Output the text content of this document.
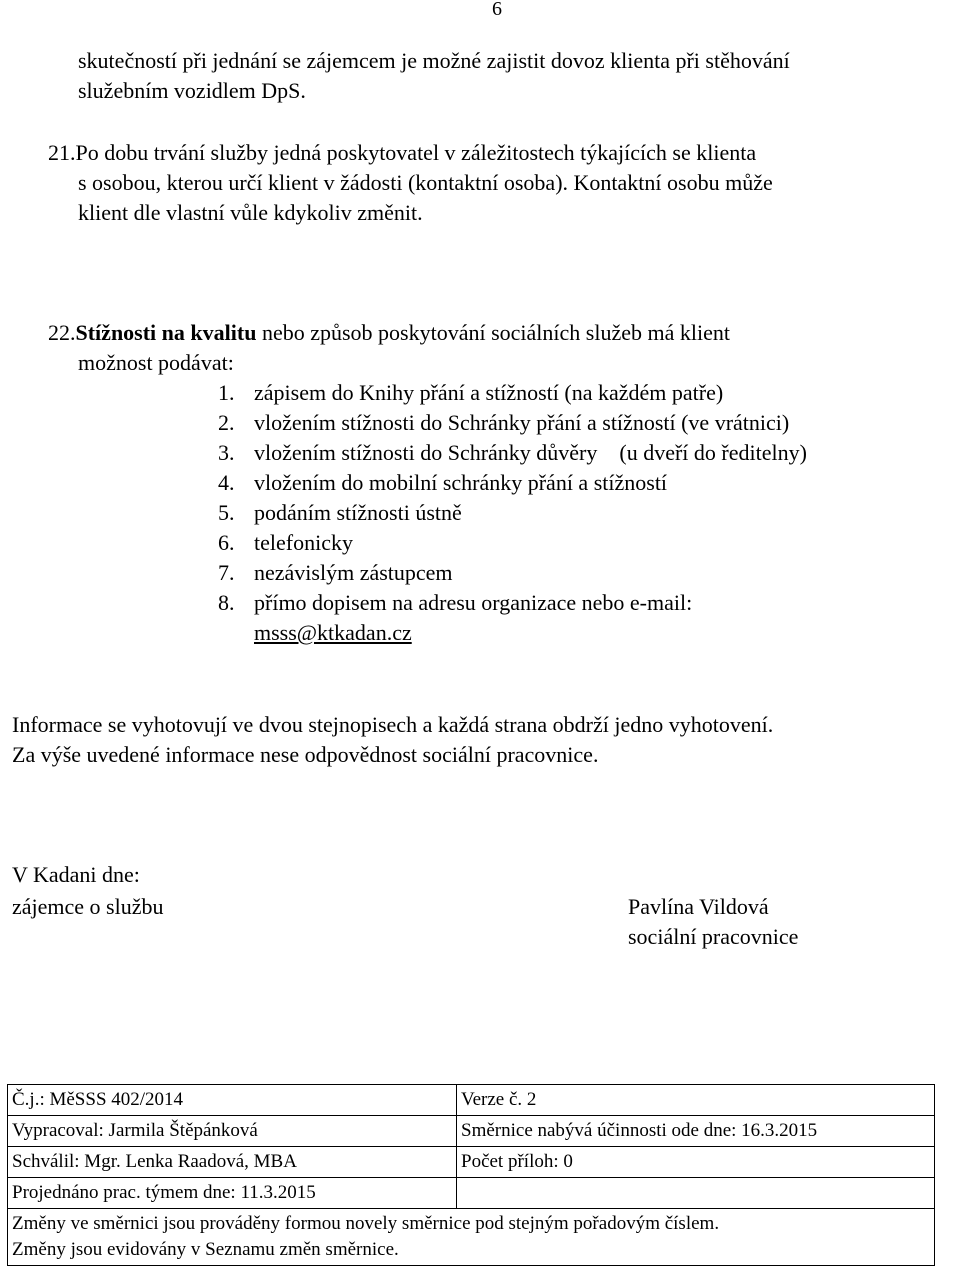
6
skutečností při jednání se zájemcem je možné zajistit dovoz klienta při stěhování
služebním vozidlem DpS.
21.Po dobu trvání služby jedná poskytovatel v záležitostech týkajících se klienta
s osobou, kterou určí klient v žádosti (kontaktní osoba). Kontaktní osobu může
klient dle vlastní vůle kdykoliv změnit.
22.Stížnosti na kvalitu nebo způsob poskytování sociálních služeb má klient
možnost podávat:
1. zápisem do Knihy přání a stížností (na každém patře)
2. vložením stížnosti do Schránky přání a stížností (ve vrátnici)
3. vložením stížnosti do Schránky důvěry    (u dveří do ředitelny)
4. vložením do mobilní schránky přání a stížností
5. podáním stížnosti ústně
6. telefonicky
7. nezávislým zástupcem
8. přímo dopisem na adresu organizace nebo e-mail:
msss@ktkadan.cz
Informace se vyhotovují ve dvou stejnopisech a každá strana obdrží jedno vyhotovení.
Za výše uvedené informace nese odpovědnost sociální pracovnice.
V Kadani dne:
zájemce o službu	Pavlína Vildová
sociální pracovnice
Č.j.: MěSSS 402/2014	Verze č. 2
Vypracoval: Jarmila Štěpánková	Směrnice nabývá účinnosti ode dne: 16.3.2015
Schválil: Mgr. Lenka Raadová, MBA	Počet příloh: 0
Projednáno prac. týmem dne: 11.3.2015	

Změny ve směrnici jsou prováděny formou novely směrnice pod stejným pořadovým číslem.
Změny jsou evidovány v Seznamu změn směrnice.	
